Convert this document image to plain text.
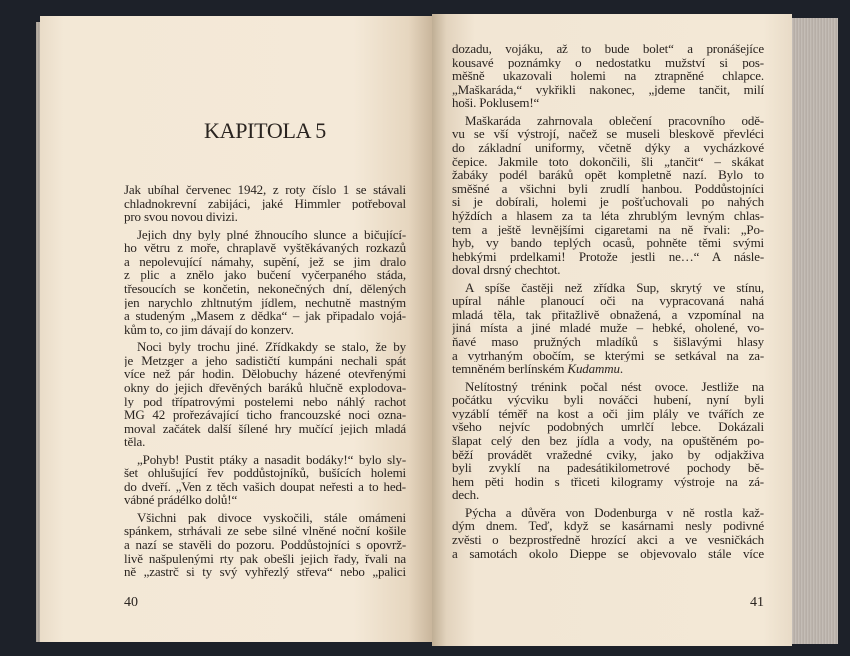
KAPITOLA 5
Jak ubíhal červenec 1942, z roty číslo 1 se stávali
chladnokrevní zabijáci, jaké Himmler potřeboval
pro svou novou divizi.
Jejich dny byly plné žhnoucího slunce a bičující-
ho větru z moře, chraplavě vyštěkávaných rozkazů
a nepolevující námahy, supění, jež se jim dralo
z plic a znělo jako bučení vyčerpaného stáda,
třesoucích se končetin, nekonečných dní, dělených
jen narychlo zhltnutým jídlem, nechutně mastným
a studeným „Masem z dědka“ – jak připadalo vojá-
kům to, co jim dávají do konzerv.
Noci byly trochu jiné. Zřídkakdy se stalo, že by
je Metzger a jeho sadističtí kumpáni nechali spát
více než pár hodin. Dělobuchy házené otevřenými
okny do jejich dřevěných baráků hlučně explodova-
ly pod třípatrovými postelemi nebo náhlý rachot
MG 42 prořezávající ticho francouzské noci ozna-
moval začátek další šílené hry mučící jejich mladá
těla.
„Pohyb! Pustit ptáky a nasadit bodáky!“ bylo sly-
šet ohlušující řev poddůstojníků, bušících holemi
do dveří. „Ven z těch vašich doupat neřesti a to hed-
vábné prádélko dolů!“
Všichni pak divoce vyskočili, stále omámeni
spánkem, strhávali ze sebe silné vlněné noční košile
a nazí se stavěli do pozoru. Poddůstojníci s opovrž-
livě našpulenými rty pak obešli jejich řady, řvali na
ně „zastrč si ty svý vyhřezlý střeva“ nebo „palici
dozadu, vojáku, až to bude bolet“ a pronášejíce
kousavé poznámky o nedostatku mužství si pos-
měšně ukazovali holemi na ztrapněné chlapce.
„Maškaráda,“ vykřikli nakonec, „jdeme tančit, milí
hoši. Poklusem!“
Maškaráda zahrnovala oblečení pracovního odě-
vu se vší výstrojí, načež se museli bleskově převléci
do základní uniformy, včetně dýky a vycházkové
čepice. Jakmile toto dokončili, šli „tančit“ – skákat
žabáky podél baráků opět kompletně nazí. Bylo to
směšné a všichni byli zrudlí hanbou. Poddůstojníci
si je dobírali, holemi je pošťuchovali po nahých
hýždích a hlasem za ta léta zhrublým levným chlas-
tem a ještě levnějšími cigaretami na ně řvali: „Po-
hyb, vy bando teplých ocasů, pohněte těmi svými
hebkými prdelkami! Protože jestli ne…“ A násle-
doval drsný chechtot.
A spíše častěji než zřídka Sup, skrytý ve stínu,
upíral náhle planoucí oči na vypracovaná nahá
mladá těla, tak přitažlivě obnažená, a vzpomínal na
jiná místa a jiné mladé muže – hebké, oholené, vo-
ňavé maso pružných mladíků s šišlavými hlasy
a vytrhaným obočím, se kterými se setkával na za-
temněném berlínském Kudammu.
Nelítostný trénink počal nést ovoce. Jestliže na
počátku výcviku byli nováčci hubení, nyní byli
vyzáblí téměř na kost a oči jim plály ve tvářích ze
všeho nejvíc podobných umrlčí lebce. Dokázali
šlapat celý den bez jídla a vody, na opuštěném po-
běží provádět vražedné cviky, jako by odjakživa
byli zvyklí na padesátikilometrové pochody bě-
hem pěti hodin s třiceti kilogramy výstroje na zá-
dech.
Pýcha a důvěra von Dodenburga v ně rostla kaž-
dým dnem. Teď, když se kasárnami nesly podivné
zvěsti o bezprostředně hrozící akci a ve vesničkách
a samotách okolo Dieppe se objevovalo stále více
40	41
